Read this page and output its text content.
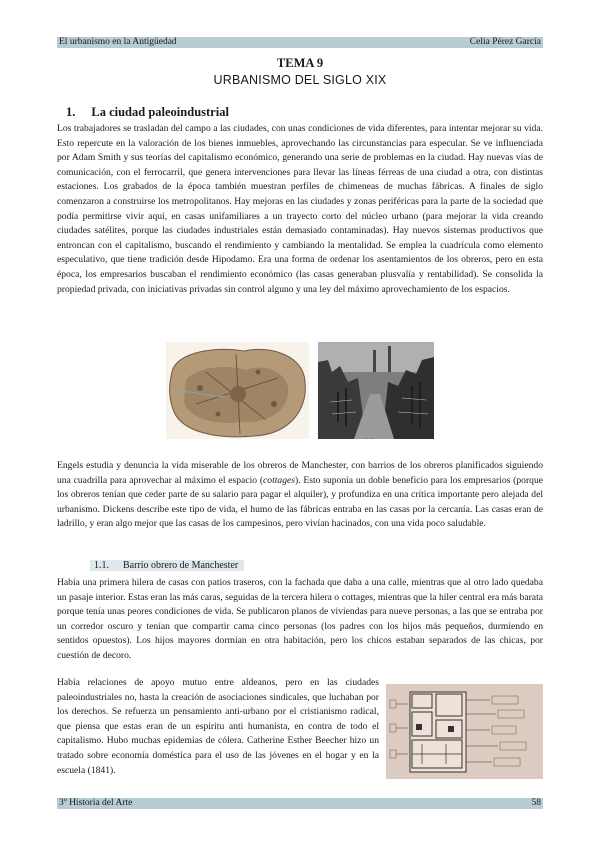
El urbanismo en la Antigüedad	Celia Pérez García
TEMA 9
URBANISMO DEL SIGLO XIX
1. La ciudad paleoindustrial

Los trabajadores se trasladan del campo a las ciudades, con unas condiciones de vida diferentes, para intentar mejorar su vida. Esto repercute en la valoración de los bienes inmuebles, aprovechando las circunstancias para especular. Se ve influenciada por Adam Smith y sus teorías del capitalismo económico, generando una serie de problemas en la ciudad. Hay nuevas vías de comunicación, con el ferrocarril, que genera intervenciones para llevar las líneas férreas de una ciudad a otra, con distintas estaciones. Los grabados de la época también muestran perfiles de chimeneas de muchas fábricas. A finales de siglo comenzaron a construirse los metropolitanos. Hay mejoras en las ciudades y zonas periféricas para la parte de la sociedad que podía permitirse vivir aquí, en casas unifamiliares a un trayecto corto del núcleo urbano (para mejorar la vida creando ciudades satélites, porque las ciudades industriales están demasiado contaminadas). Hay nuevos sistemas productivos que entroncan con el capitalismo, buscando el rendimiento y cambiando la mentalidad. Se emplea la cuadrícula como elemento especulativo, que tiene tradición desde Hipodamo. Era una forma de ordenar los asentamientos de los obreros, pero en esta época, los empresarios buscaban el rendimiento económico (las casas generaban plusvalía y rentabilidad). Se consolida la propiedad privada, con iniciativas privadas sin control alguno y una ley del máximo aprovechamiento de los espacios.

— —

Engels estudia y denuncia la vida miserable de los obreros de Manchester, con barrios de los obreros planificados siguiendo una cuadrilla para aprovechar al máximo el espacio (cottages). Esto suponía un doble beneficio para los empresarios (porque los obreros tenían que ceder parte de su salario para pagar el alquiler), y profundiza en una crítica importante pero alejada del urbanismo. Dickens describe este tipo de vida, el humo de las fábricas entraba en las casas por la cercanía. Las casas eran de ladrillo, y eran algo mejor que las casas de los campesinos, pero vivían hacinados, con una vida poco saludable.

1.1. Barrio obrero de Manchester

Había una primera hilera de casas con patios traseros, con la fachada que daba a una calle, mientras que al otro lado quedaba un pasaje interior. Estas eran las más caras, seguidas de la tercera hilera o cottages, mientras que la hiler central era más barata porque tenía unas peores condiciones de vida. Se publicaron planos de viviendas para nueve personas, a las que se entraba por un corredor oscuro y tenían que compartir cama cinco personas (los padres con los hijos más pequeños, durmiendo en sentidos opuestos). Los hijos mayores dormían en otra habitación, pero los chicos estaban separados de las chicas, por cuestión de decoro.

Había relaciones de apoyo mutuo entre aldeanos, pero en las ciudades paleoindustriales no, hasta la creación de asociaciones sindicales, que luchaban por los derechos. Se refuerza un pensamiento anti-urbano por el cristianismo radical, que piensa que estas eran de un espíritu anti humanista, en contra de todo el capitalismo. Hubo muchas epidemias de cólera. Catherine Esther Beecher hizo un tratado sobre economía doméstica para el uso de las jóvenes en el hogar y en la escuela (1841).

3º Historia del Arte	58
